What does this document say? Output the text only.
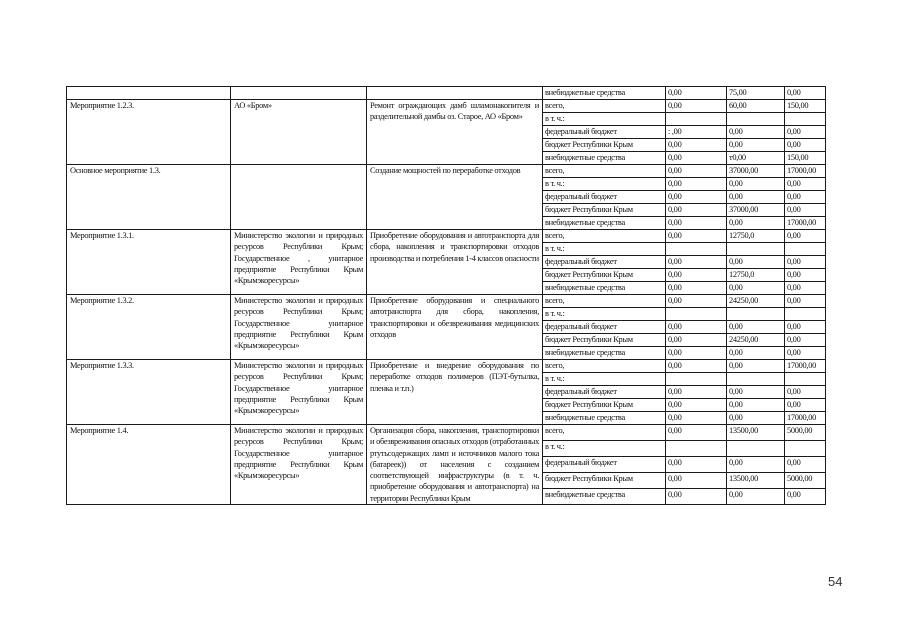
			внебюджетные средства	0,00	75,00	0,00
Мероприятие 1.2.3.	АО «Бром»	Ремонт ограждающих дамб шламонакопителя и разделительной дамбы оз. Старое, АО «Бром»	всего,	0,00	60,00	150,00
			в т. ч.:			
			федеральный бюджет	: ,00	0,00	0,00
			бюджет Республики Крым	0,00	0,00	0,00
			внебюджетные средства	0,00	т0,00	150,00
Основное мероприятие 1.3.		Создание мощностей по переработке отходов	всего,	0,00	37000,00	17000,00
			в т. ч.:	0,00	0,00	0,00
			федеральный бюджет	0,00	0,00	0,00
			бюджет Республики Крым	0,00	37000,00	0,00
			внебюджетные средства	0,00	0,00	17000,00
Мероприятие 1.3.1.	Министерство экологии и природных ресурсов Республики Крым; Государственное , унитарное предприятие Республики Крым «Крымэкоресурсы»	Приобретение оборудования и автотранспорта для сбора, накопления и транспортировки отходов производства и потребления 1-4 классов опасности	всего,	0,00	12750,0	0,00
			в т. ч.:			
			федеральный бюджет	0,00	0,00	0,00
			бюджет Республики Крым	0,00	12750,0	0,00
			внебюджетные средства	0,00	0,00	0,00
Мероприятие 1.3.2.	Министерство экологии и природных ресурсов Республики Крым; Государственное унитарное предприятие Республики Крым «Крымэкоресурсы»	Приобретение оборудования и специального автотранспорта для сбора, накопления, транспортировки и обезвреживания медицинских отходов	всего,	0,00	24250,00	0,00
			в т. ч.:			
			федеральный бюджет	0,00	0,00	0,00
			бюджет Республики Крым	0,00	24250,00	0,00
			внебюджетные средства	0,00	0,00	0,00
Мероприятие 1.3.3.	Министерство экологии и природных ресурсов Республики Крым; Государственное унитарное предприятие Республики Крым «Крымэкоресурсы»	Приобретение и внедрение оборудования по переработке отходов полимеров (ПЭТ-бутылка, пленка и т.п.)	всего,	0,00	0,00	17000,00
			в т. ч.:			
			федеральный бюджет	0,00	0,00	0,00
			бюджет Республики Крым	0,00	0,00	0,00
			внебюджетные средства	0,00	0,00	17000,00
Мероприятие 1.4.	Министерство экологии и природных ресурсов Республики Крым; Государственное унитарное предприятие Республики Крым «Крымэкоресурсы»	Организация сбора, накопления, транспортировки и обезвреживания опасных отходов (отработанных ртутьсодержащих ламп и источников малого тока (батареек)) от населения с созданием соответствующей инфраструктуры (в т. ч. приобретение оборудования и автотранспорта) на территории Республики Крым	всего,	0,00	13500,00	5000,00
			в т. ч.:			
			федеральный бюджет	0,00	0,00	0,00
			бюджет Республики Крым	0,00	13500,00	5000,00
			внебюджетные средства	0,00	0,00	0,00
54
